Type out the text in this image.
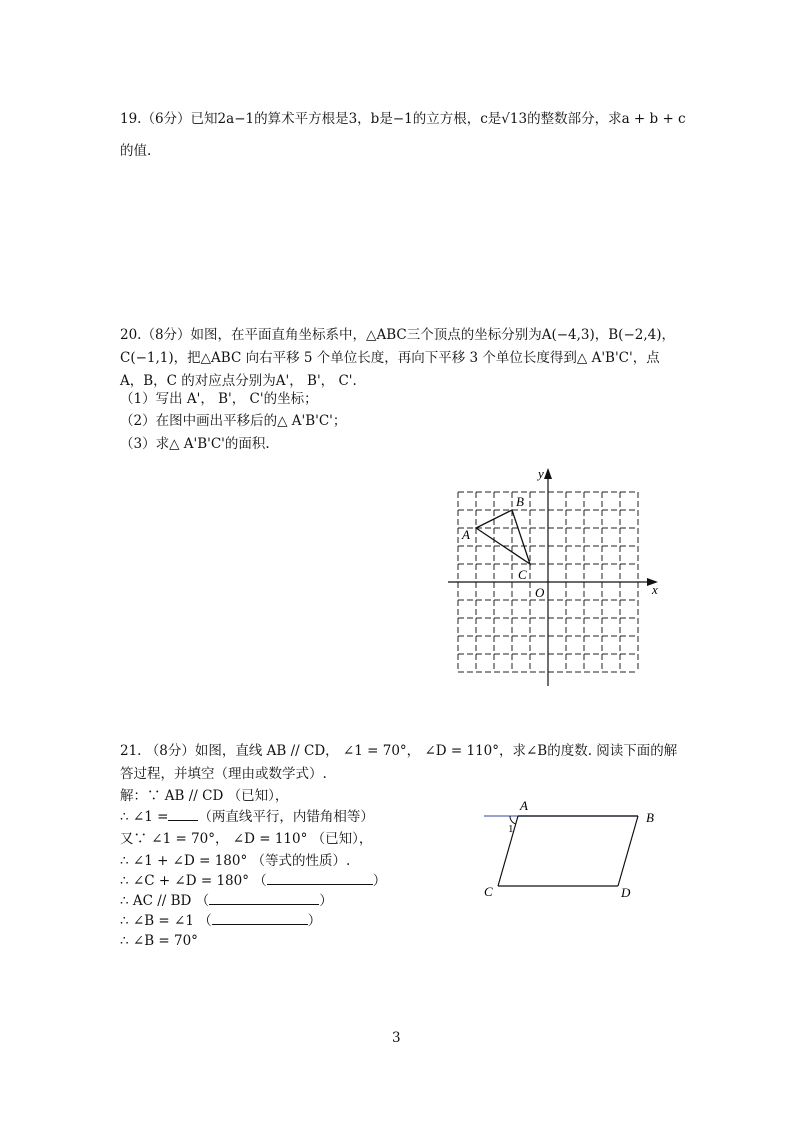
19.（6分）已知2a−1的算术平方根是3，b是−1的立方根，c是√13的整数部分，求a + b + c
的值.
20.（8分）如图，在平面直角坐标系中，△ABC三个顶点的坐标分别为A(−4,3)，B(−2,4)，
C(−1,1)，把△ABC 向右平移 5 个单位长度，再向下平移 3 个单位长度得到△ A'B'C'，点
A，B，C 的对应点分别为A'， B'， C'.
（1）写出 A'， B'， C'的坐标；
（2）在图中画出平移后的△ A'B'C'；
（3）求△ A'B'C'的面积.
x
y
O
A
B
C
21. （8分）如图，直线 AB // CD， ∠1 = 70°， ∠D = 110°，求∠B的度数. 阅读下面的解
答过程，并填空（理由或数学式）.
解：∵ AB // CD （已知），
∴ ∠1 = （两直线平行，内错角相等）
又∵ ∠1 = 70°， ∠D = 110° （已知），
∴ ∠1 + ∠D = 180° （等式的性质）.
∴ ∠C + ∠D = 180° （	）
∴ AC // BD （	）
∴ ∠B = ∠1 （	）
∴ ∠B = 70°
A
B
C	D
1
3
